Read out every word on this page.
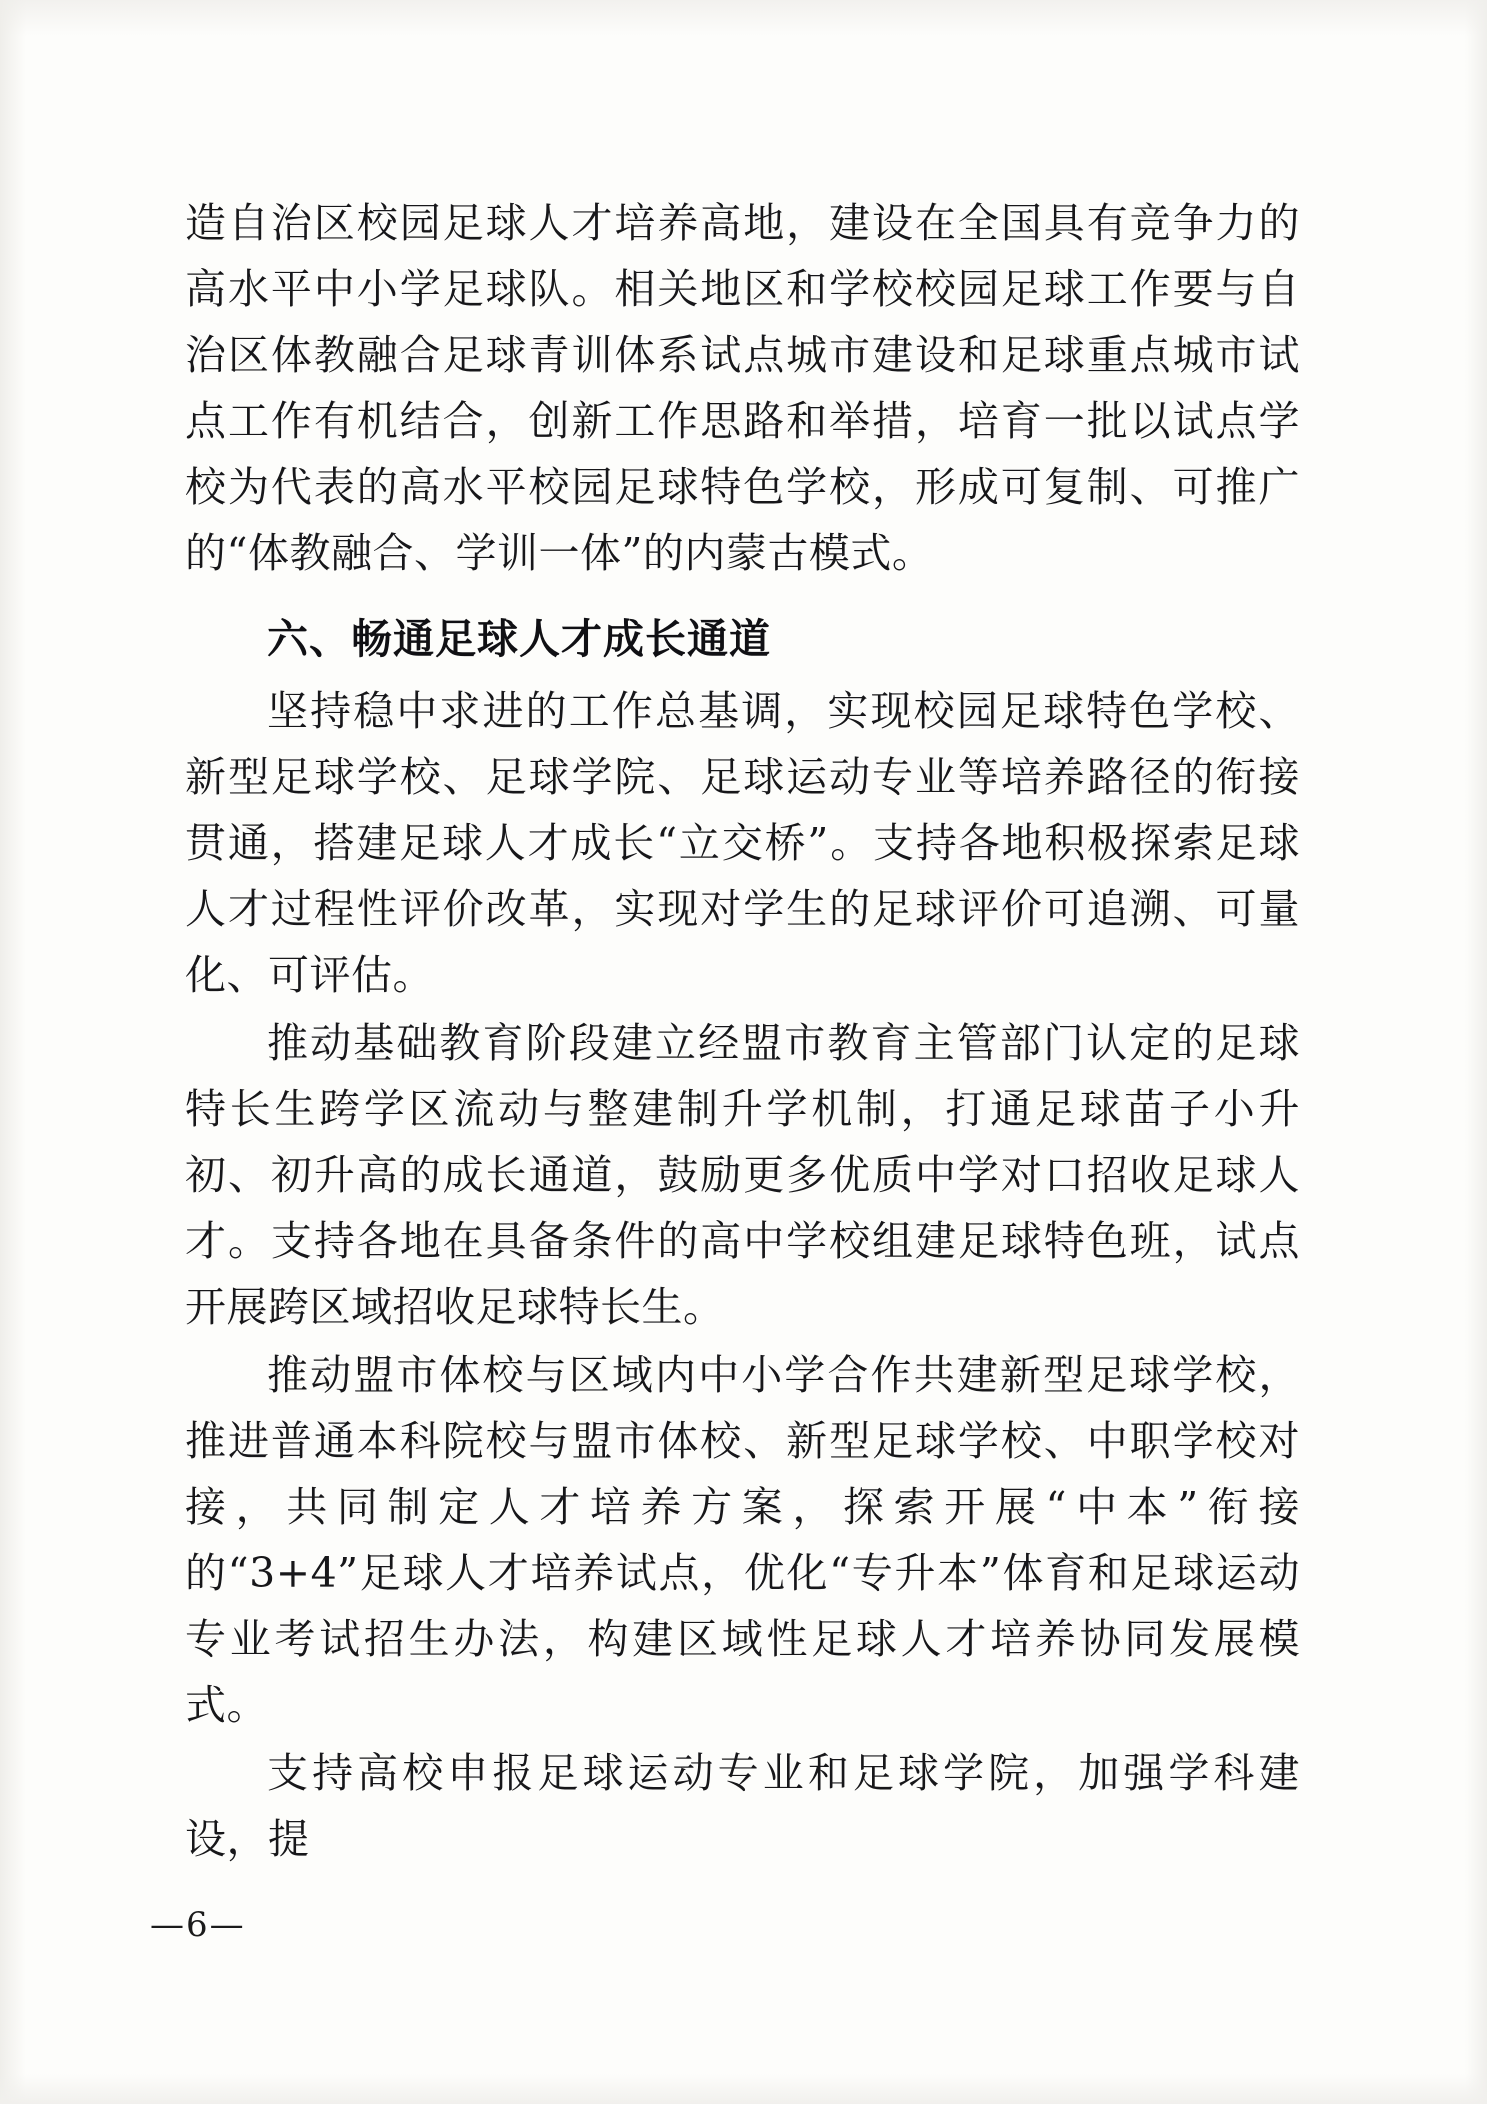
造自治区校园足球人才培养高地，建设在全国具有竞争力的高水平中小学足球队。相关地区和学校校园足球工作要与自治区体教融合足球青训体系试点城市建设和足球重点城市试点工作有机结合，创新工作思路和举措，培育一批以试点学校为代表的高水平校园足球特色学校，形成可复制、可推广的“体教融合、学训一体”的内蒙古模式。

六、畅通足球人才成长通道

坚持稳中求进的工作总基调，实现校园足球特色学校、新型足球学校、足球学院、足球运动专业等培养路径的衔接贯通，搭建足球人才成长“立交桥”。支持各地积极探索足球人才过程性评价改革，实现对学生的足球评价可追溯、可量化、可评估。

推动基础教育阶段建立经盟市教育主管部门认定的足球特长生跨学区流动与整建制升学机制，打通足球苗子小升初、初升高的成长通道，鼓励更多优质中学对口招收足球人才。支持各地在具备条件的高中学校组建足球特色班，试点开展跨区域招收足球特长生。

推动盟市体校与区域内中小学合作共建新型足球学校，推进普通本科院校与盟市体校、新型足球学校、中职学校对接，共同制定人才培养方案，探索开展“中本”衔接的“3+4”足球人才培养试点，优化“专升本”体育和足球运动专业考试招生办法，构建区域性足球人才培养协同发展模式。

支持高校申报足球运动专业和足球学院，加强学科建设，提

—6—
